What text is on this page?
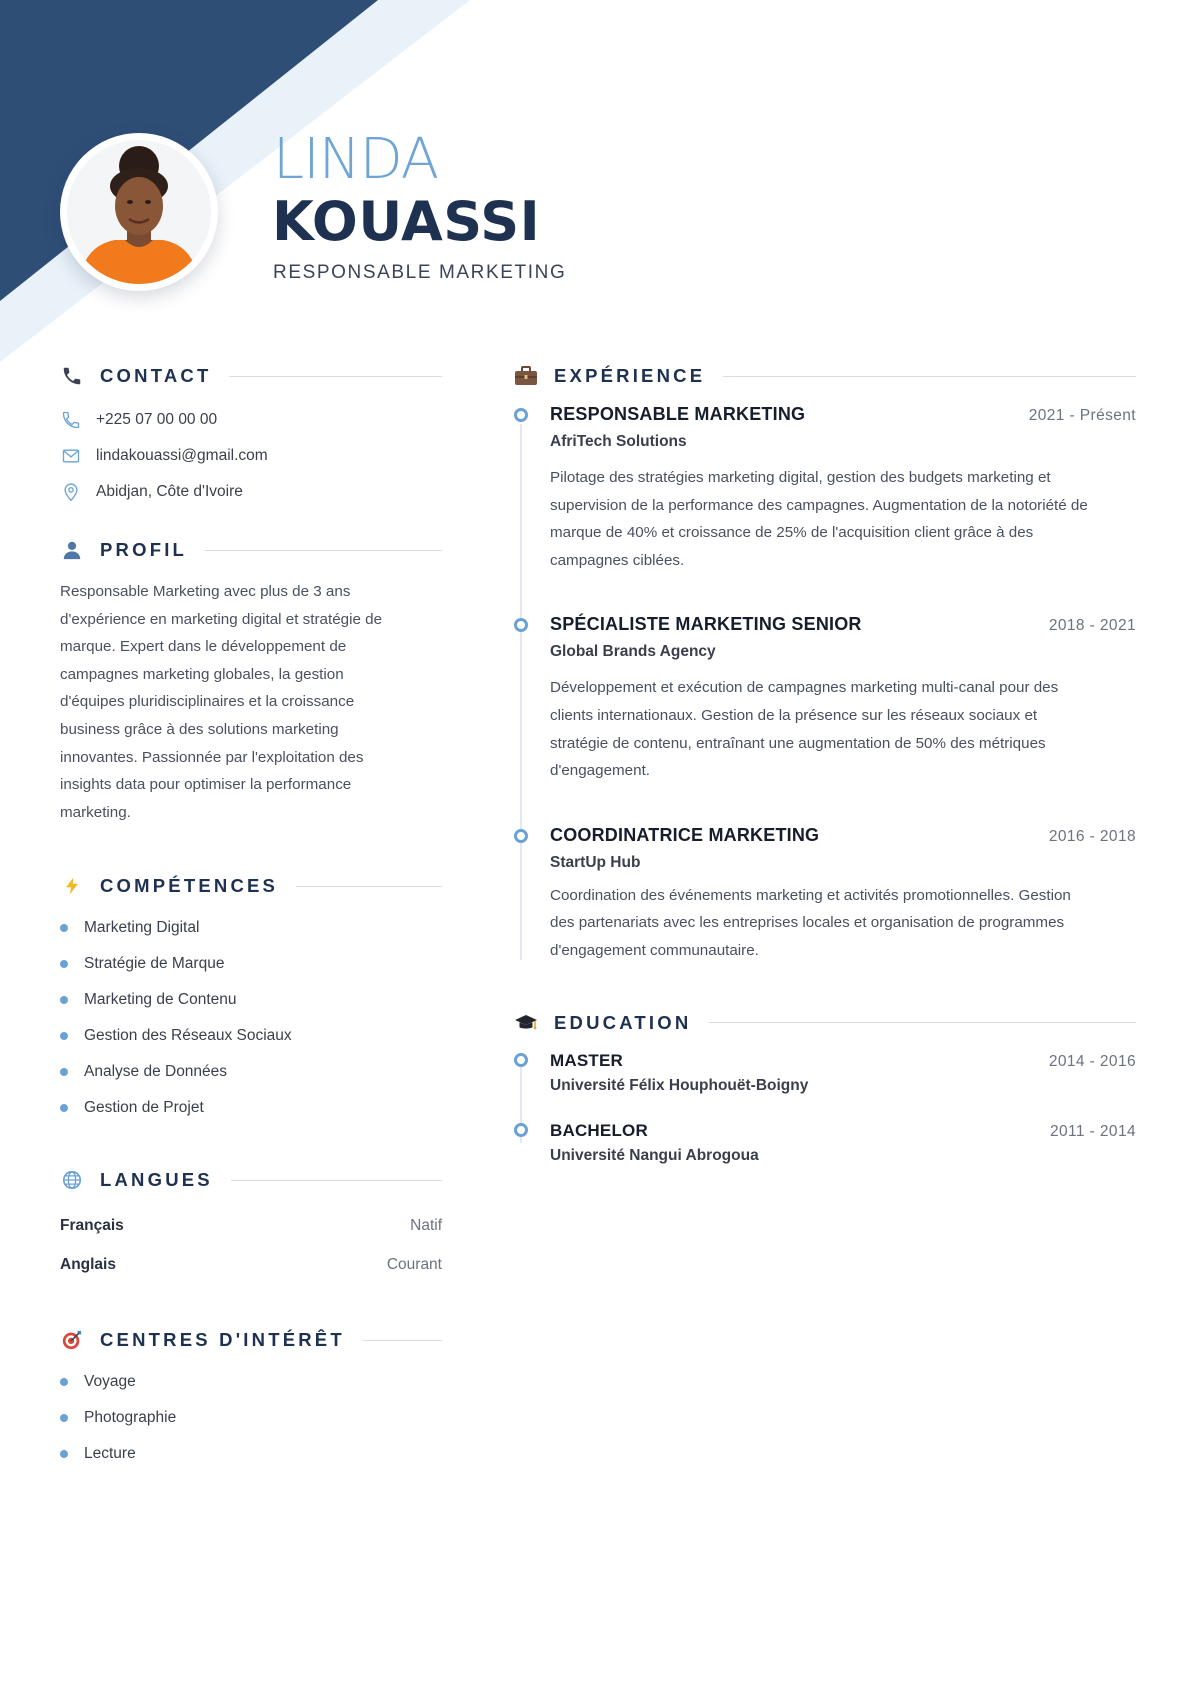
LINDA
KOUASSI
RESPONSABLE MARKETING
CONTACT
+225 07 00 00 00
lindakouassi@gmail.com
Abidjan, Côte d'Ivoire
PROFIL
Responsable Marketing avec plus de 3 ans
d'expérience en marketing digital et stratégie de
marque. Expert dans le développement de
campagnes marketing globales, la gestion
d'équipes pluridisciplinaires et la croissance
business grâce à des solutions marketing
innovantes. Passionnée par l'exploitation des
insights data pour optimiser la performance
marketing.
COMPÉTENCES
Marketing Digital
Stratégie de Marque
Marketing de Contenu
Gestion des Réseaux Sociaux
Analyse de Données
Gestion de Projet
LANGUES
Français	Natif
Anglais	Courant
CENTRES D'INTÉRÊT
Voyage
Photographie
Lecture
EXPÉRIENCE
RESPONSABLE MARKETING	2021 - Présent
AfriTech Solutions
Pilotage des stratégies marketing digital, gestion des budgets marketing et
supervision de la performance des campagnes. Augmentation de la notoriété de
marque de 40% et croissance de 25% de l'acquisition client grâce à des
campagnes ciblées.
SPÉCIALISTE MARKETING SENIOR	2018 - 2021
Global Brands Agency
Développement et exécution de campagnes marketing multi-canal pour des
clients internationaux. Gestion de la présence sur les réseaux sociaux et
stratégie de contenu, entraînant une augmentation de 50% des métriques
d'engagement.
COORDINATRICE MARKETING	2016 - 2018
StartUp Hub
Coordination des événements marketing et activités promotionnelles. Gestion
des partenariats avec les entreprises locales et organisation de programmes
d'engagement communautaire.
EDUCATION
MASTER	2014 - 2016
Université Félix Houphouët-Boigny
BACHELOR	2011 - 2014
Université Nangui Abrogoua
